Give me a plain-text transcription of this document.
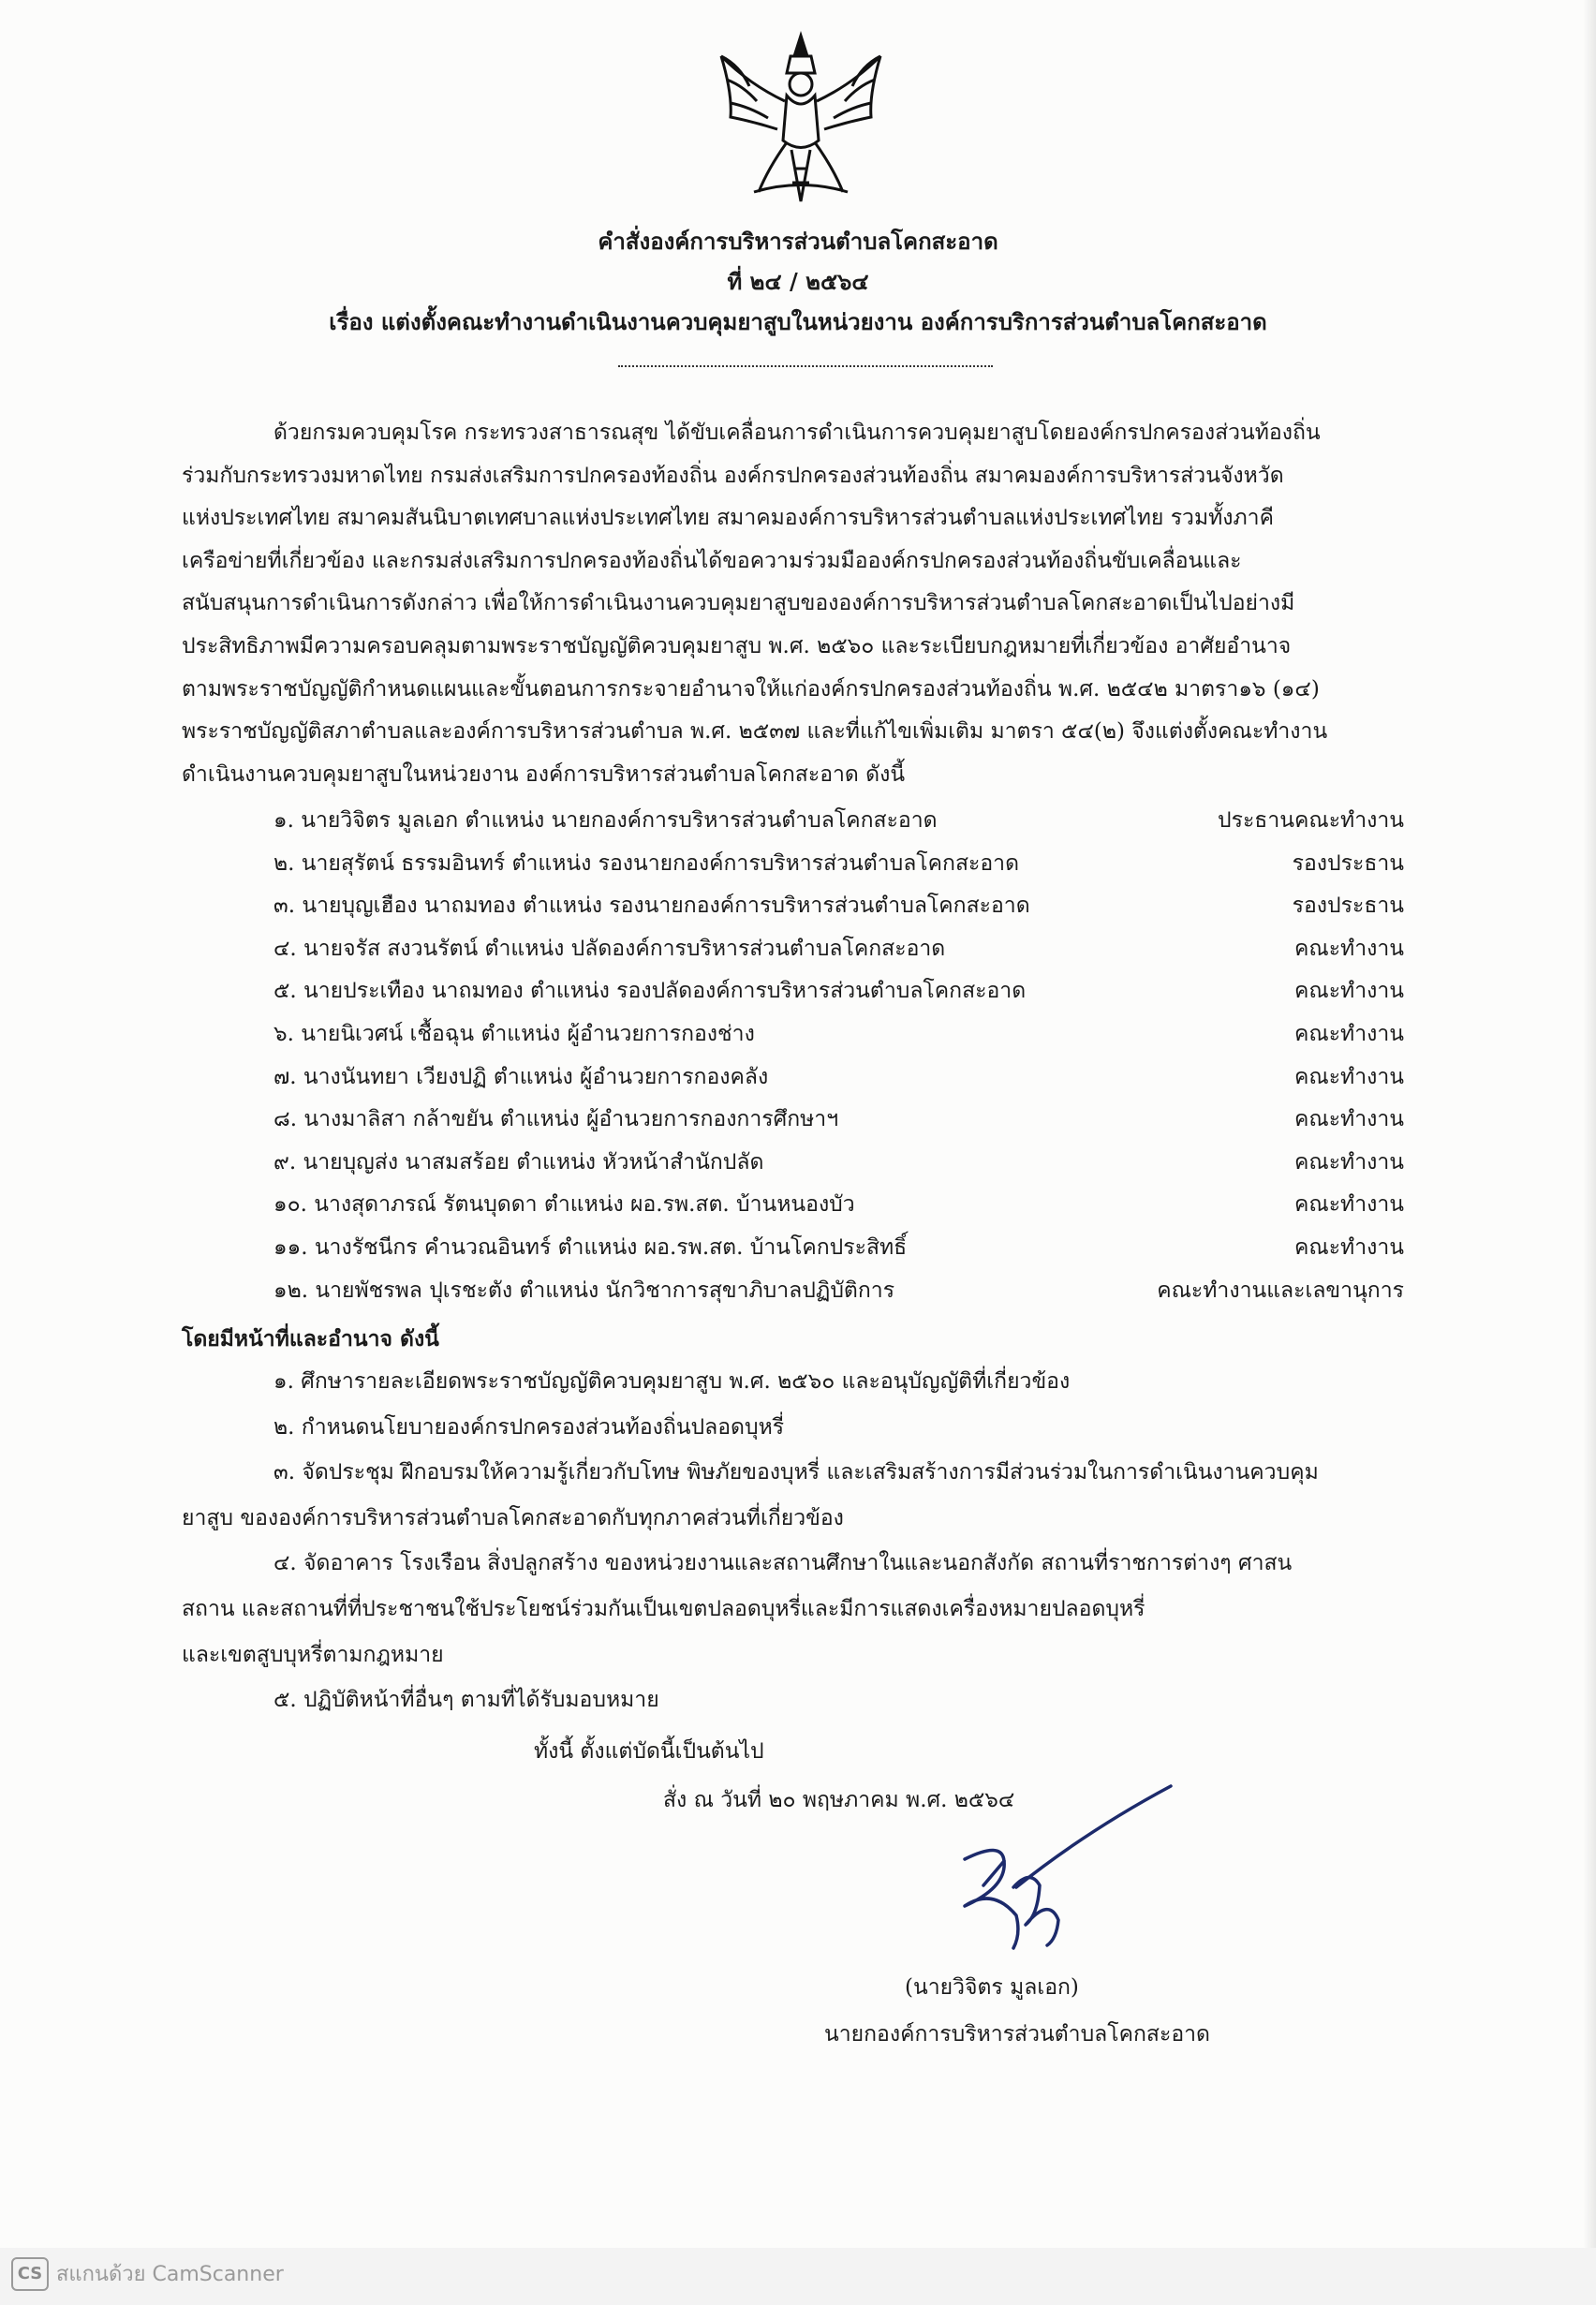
คำสั่งองค์การบริหารส่วนตำบลโคกสะอาด
ที่ ๒๔ / ๒๕๖๔
เรื่อง แต่งตั้งคณะทำงานดำเนินงานควบคุมยาสูบในหน่วยงาน องค์การบริการส่วนตำบลโคกสะอาด
ด้วยกรมควบคุมโรค กระทรวงสาธารณสุข ได้ขับเคลื่อนการดำเนินการควบคุมยาสูบโดยองค์กรปกครองส่วนท้องถิ่น
ร่วมกับกระทรวงมหาดไทย กรมส่งเสริมการปกครองท้องถิ่น องค์กรปกครองส่วนท้องถิ่น สมาคมองค์การบริหารส่วนจังหวัด
แห่งประเทศไทย สมาคมสันนิบาตเทศบาลแห่งประเทศไทย สมาคมองค์การบริหารส่วนตำบลแห่งประเทศไทย รวมทั้งภาคี
เครือข่ายที่เกี่ยวข้อง และกรมส่งเสริมการปกครองท้องถิ่นได้ขอความร่วมมือองค์กรปกครองส่วนท้องถิ่นขับเคลื่อนและ
สนับสนุนการดำเนินการดังกล่าว เพื่อให้การดำเนินงานควบคุมยาสูบขององค์การบริหารส่วนตำบลโคกสะอาดเป็นไปอย่างมี
ประสิทธิภาพมีความครอบคลุมตามพระราชบัญญัติควบคุมยาสูบ พ.ศ. ๒๕๖๐ และระเบียบกฎหมายที่เกี่ยวข้อง อาศัยอำนาจ
ตามพระราชบัญญัติกำหนดแผนและขั้นตอนการกระจายอำนาจให้แก่องค์กรปกครองส่วนท้องถิ่น พ.ศ. ๒๕๔๒ มาตรา๑๖ (๑๔)
พระราชบัญญัติสภาตำบลและองค์การบริหารส่วนตำบล พ.ศ. ๒๕๓๗ และที่แก้ไขเพิ่มเติม มาตรา ๕๔(๒) จึงแต่งตั้งคณะทำงาน
ดำเนินงานควบคุมยาสูบในหน่วยงาน องค์การบริหารส่วนตำบลโคกสะอาด ดังนี้
๑. นายวิจิตร มูลเอก ตำแหน่ง นายกองค์การบริหารส่วนตำบลโคกสะอาด	ประธานคณะทำงาน
๒. นายสุรัตน์ ธรรมอินทร์ ตำแหน่ง รองนายกองค์การบริหารส่วนตำบลโคกสะอาด	รองประธาน
๓. นายบุญเฮือง นาถมทอง ตำแหน่ง รองนายกองค์การบริหารส่วนตำบลโคกสะอาด	รองประธาน
๔. นายจรัส สงวนรัตน์ ตำแหน่ง ปลัดองค์การบริหารส่วนตำบลโคกสะอาด	คณะทำงาน
๕. นายประเทือง นาถมทอง ตำแหน่ง รองปลัดองค์การบริหารส่วนตำบลโคกสะอาด	คณะทำงาน
๖. นายนิเวศน์ เชื้อฉุน ตำแหน่ง ผู้อำนวยการกองช่าง	คณะทำงาน
๗. นางนันทยา เวียงปฏิ ตำแหน่ง ผู้อำนวยการกองคลัง	คณะทำงาน
๘. นางมาลิสา กล้าขยัน ตำแหน่ง ผู้อำนวยการกองการศึกษาฯ	คณะทำงาน
๙. นายบุญส่ง นาสมสร้อย ตำแหน่ง หัวหน้าสำนักปลัด	คณะทำงาน
๑๐. นางสุดาภรณ์ รัตนบุดดา ตำแหน่ง ผอ.รพ.สต. บ้านหนองบัว	คณะทำงาน
๑๑. นางรัชนีกร คำนวณอินทร์ ตำแหน่ง ผอ.รพ.สต. บ้านโคกประสิทธิ์	คณะทำงาน
๑๒. นายพัชรพล ปุเรชะตัง ตำแหน่ง นักวิชาการสุขาภิบาลปฏิบัติการ	คณะทำงานและเลขานุการ
โดยมีหน้าที่และอำนาจ ดังนี้
๑. ศึกษารายละเอียดพระราชบัญญัติควบคุมยาสูบ พ.ศ. ๒๕๖๐ และอนุบัญญัติที่เกี่ยวข้อง
๒. กำหนดนโยบายองค์กรปกครองส่วนท้องถิ่นปลอดบุหรี่
๓. จัดประชุม ฝึกอบรมให้ความรู้เกี่ยวกับโทษ พิษภัยของบุหรี่ และเสริมสร้างการมีส่วนร่วมในการดำเนินงานควบคุม
ยาสูบ ขององค์การบริหารส่วนตำบลโคกสะอาดกับทุกภาคส่วนที่เกี่ยวข้อง
๔. จัดอาคาร โรงเรือน สิ่งปลูกสร้าง ของหน่วยงานและสถานศึกษาในและนอกสังกัด สถานที่ราชการต่างๆ ศาสน
สถาน และสถานที่ที่ประชาชนใช้ประโยชน์ร่วมกันเป็นเขตปลอดบุหรี่และมีการแสดงเครื่องหมายปลอดบุหรี่
และเขตสูบบุหรี่ตามกฎหมาย
๕. ปฏิบัติหน้าที่อื่นๆ ตามที่ได้รับมอบหมาย
ทั้งนี้ ตั้งแต่บัดนี้เป็นต้นไป
สั่ง ณ วันที่ ๒๐ พฤษภาคม พ.ศ. ๒๕๖๔
(นายวิจิตร มูลเอก)
นายกองค์การบริหารส่วนตำบลโคกสะอาด
CS สแกนด้วย CamScanner
